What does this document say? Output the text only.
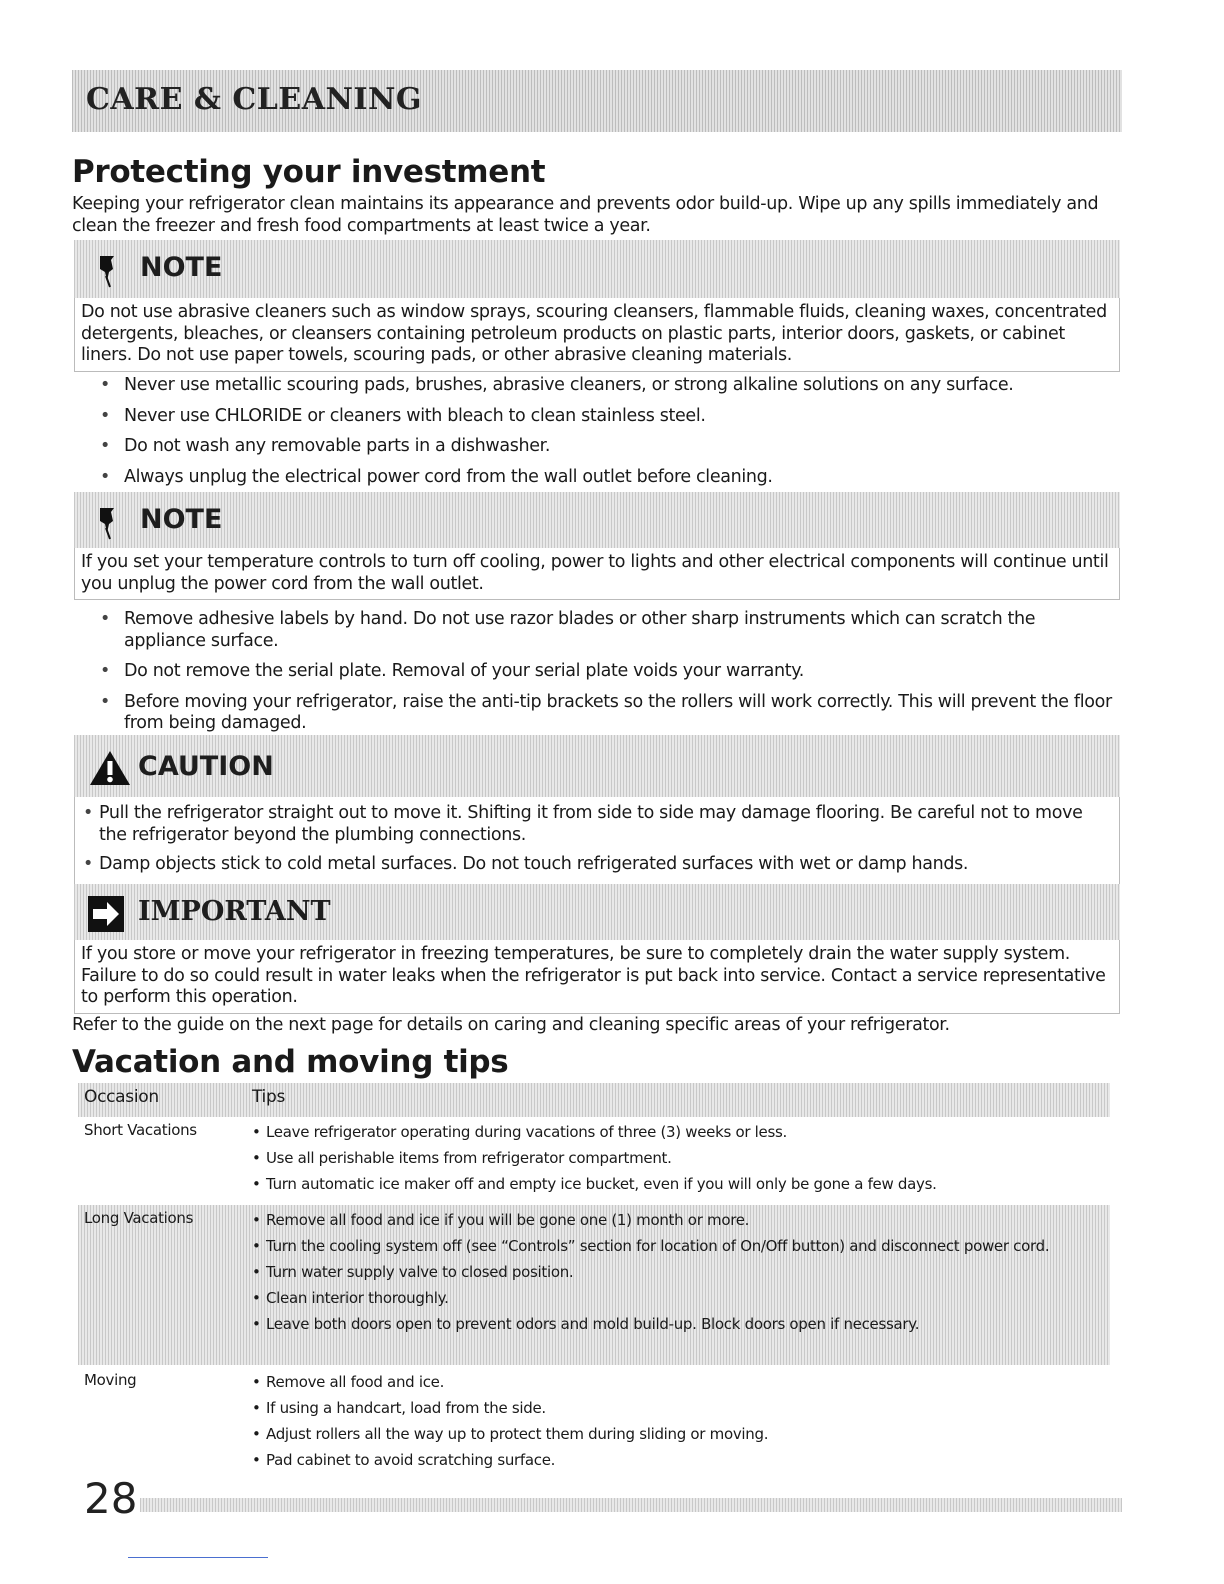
CARE & CLEANING
Protecting your investment

Keeping your refrigerator clean maintains its appearance and prevents odor build-up. Wipe up any spills immediately and clean the freezer and fresh food compartments at least twice a year.

NOTE
Do not use abrasive cleaners such as window sprays, scouring cleansers, flammable fluids, cleaning waxes, concentrated detergents, bleaches, or cleansers containing petroleum products on plastic parts, interior doors, gaskets, or cabinet liners. Do not use paper towels, scouring pads, or other abrasive cleaning materials.
• Never use metallic scouring pads, brushes, abrasive cleaners, or strong alkaline solutions on any surface.
• Never use CHLORIDE or cleaners with bleach to clean stainless steel.
• Do not wash any removable parts in a dishwasher.
• Always unplug the electrical power cord from the wall outlet before cleaning.
NOTE
If you set your temperature controls to turn off cooling, power to lights and other electrical components will continue until you unplug the power cord from the wall outlet.
• Remove adhesive labels by hand. Do not use razor blades or other sharp instruments which can scratch the appliance surface.
• Do not remove the serial plate. Removal of your serial plate voids your warranty.
• Before moving your refrigerator, raise the anti-tip brackets so the rollers will work correctly. This will prevent the floor from being damaged.
CAUTION
• Pull the refrigerator straight out to move it. Shifting it from side to side may damage flooring. Be careful not to move the refrigerator beyond the plumbing connections.
• Damp objects stick to cold metal surfaces. Do not touch refrigerated surfaces with wet or damp hands.
IMPORTANT
If you store or move your refrigerator in freezing temperatures, be sure to completely drain the water supply system. Failure to do so could result in water leaks when the refrigerator is put back into service. Contact a service representative to perform this operation.

Refer to the guide on the next page for details on caring and cleaning specific areas of your refrigerator.

Vacation and moving tips
Occasion	Tips
Short Vacations	• Leave refrigerator operating during vacations of three (3) weeks or less.
• Use all perishable items from refrigerator compartment.
• Turn automatic ice maker off and empty ice bucket, even if you will only be gone a few days.

Long Vacations	• Remove all food and ice if you will be gone one (1) month or more.
• Turn the cooling system off (see “Controls” section for location of On/Off button) and disconnect power cord.
• Turn water supply valve to closed position.
• Clean interior thoroughly.
• Leave both doors open to prevent odors and mold build-up. Block doors open if necessary.

Moving	• Remove all food and ice.
• If using a handcart, load from the side.
• Adjust rollers all the way up to protect them during sliding or moving.
• Pad cabinet to avoid scratching surface.
28
